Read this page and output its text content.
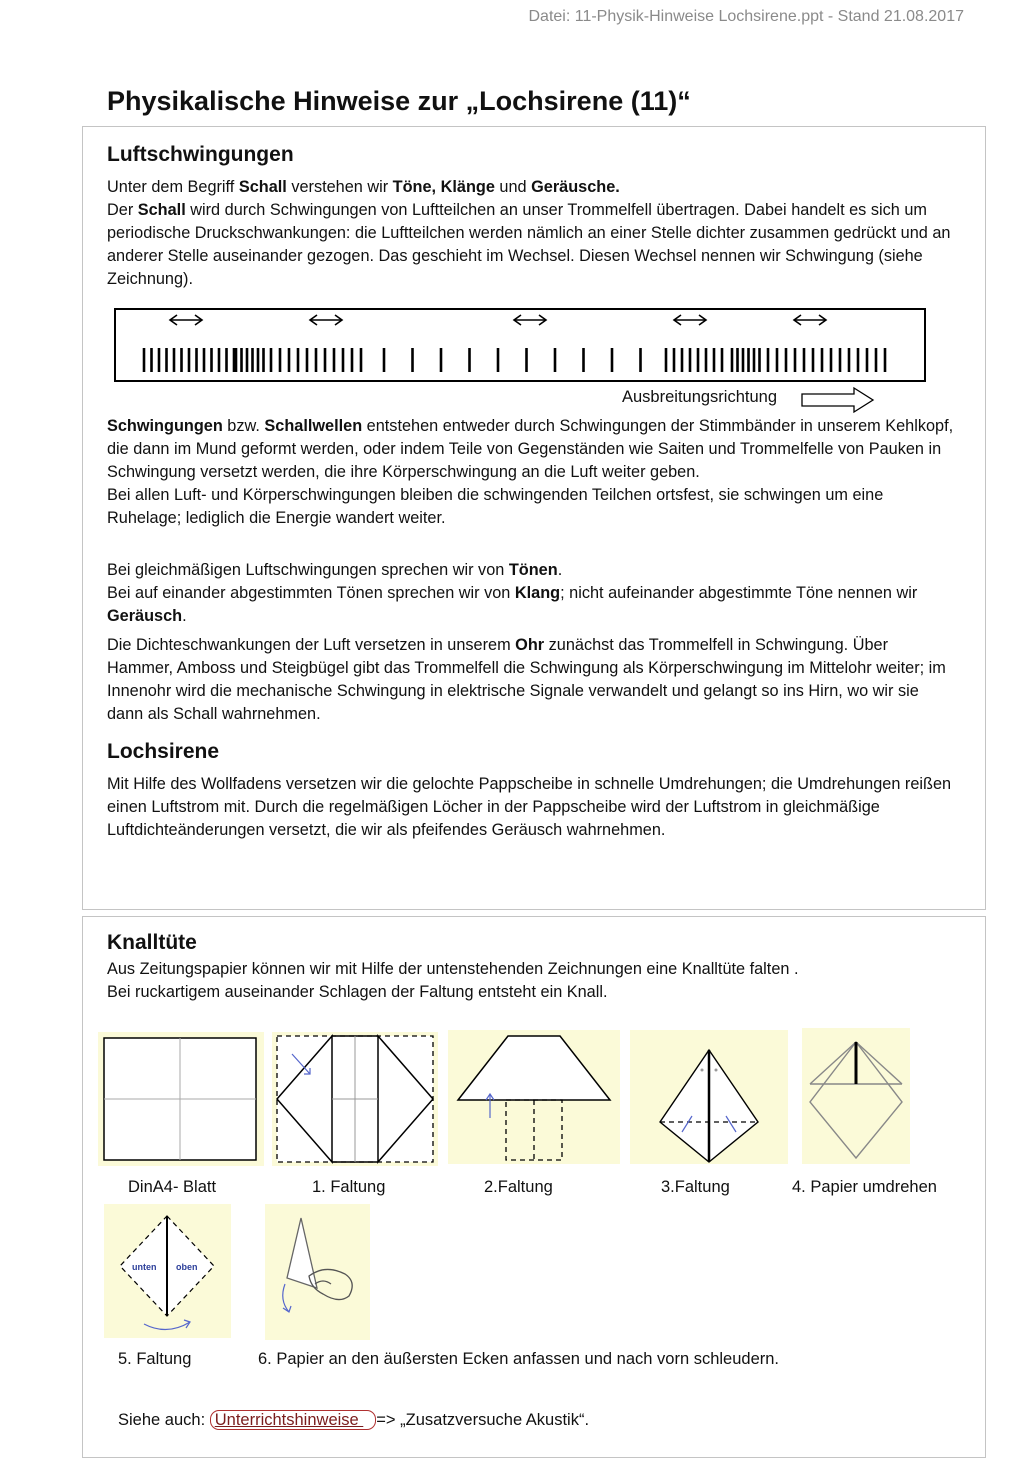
Datei: 11-Physik-Hinweise Lochsirene.ppt - Stand 21.08.2017
Physikalische Hinweise zur „Lochsirene (11)“
Luftschwingungen
Unter dem Begriff Schall verstehen wir Töne, Klänge und Geräusche.
Der Schall wird durch Schwingungen von Luftteilchen an unser Trommelfell übertragen. Dabei handelt es sich um periodische Druckschwankungen: die Luftteilchen werden nämlich an einer Stelle dichter zusammen gedrückt und an anderer Stelle auseinander gezogen. Das geschieht im Wechsel. Diesen Wechsel nennen wir Schwingung (siehe Zeichnung).
Ausbreitungsrichtung
Schwingungen bzw. Schallwellen entstehen entweder durch Schwingungen der Stimmbänder in unserem Kehlkopf, die dann im Mund geformt werden, oder indem Teile von Gegenständen wie Saiten und Trommelfelle von Pauken in Schwingung versetzt werden, die ihre Körperschwingung an die Luft weiter geben.
Bei allen Luft- und Körperschwingungen bleiben die schwingenden Teilchen ortsfest, sie schwingen um eine Ruhelage; lediglich die Energie wandert weiter.
Bei gleichmäßigen Luftschwingungen sprechen wir von Tönen.
Bei auf einander abgestimmten Tönen sprechen wir von Klang; nicht aufeinander abgestimmte Töne nennen wir Geräusch.
Die Dichteschwankungen der Luft versetzen in unserem Ohr zunächst das Trommelfell in Schwingung. Über Hammer, Amboss und Steigbügel gibt das Trommelfell die Schwingung als Körperschwingung im Mittelohr weiter; im Innenohr wird die mechanische Schwingung in elektrische Signale verwandelt und gelangt so ins Hirn, wo wir sie dann als Schall wahrnehmen.
Lochsirene
Mit Hilfe des Wollfadens versetzen wir die gelochte Pappscheibe in schnelle Umdrehungen; die Umdrehungen reißen einen Luftstrom mit. Durch die regelmäßigen Löcher in der Pappscheibe wird der Luftstrom in gleichmäßige Luftdichteänderungen versetzt, die wir als pfeifendes Geräusch wahrnehmen.
Knalltüte
Aus Zeitungspapier können wir mit Hilfe der untenstehenden Zeichnungen eine Knalltüte falten .
Bei ruckartigem auseinander Schlagen der Faltung entsteht ein Knall.
DinA4- Blatt	1. Faltung	2.Faltung	3.Faltung	4. Papier umdrehen
unten oben
5. Faltung	6. Papier an den äußersten Ecken anfassen und nach vorn schleudern.
Siehe auch: Unterrichtshinweise => „Zusatzversuche Akustik“.
